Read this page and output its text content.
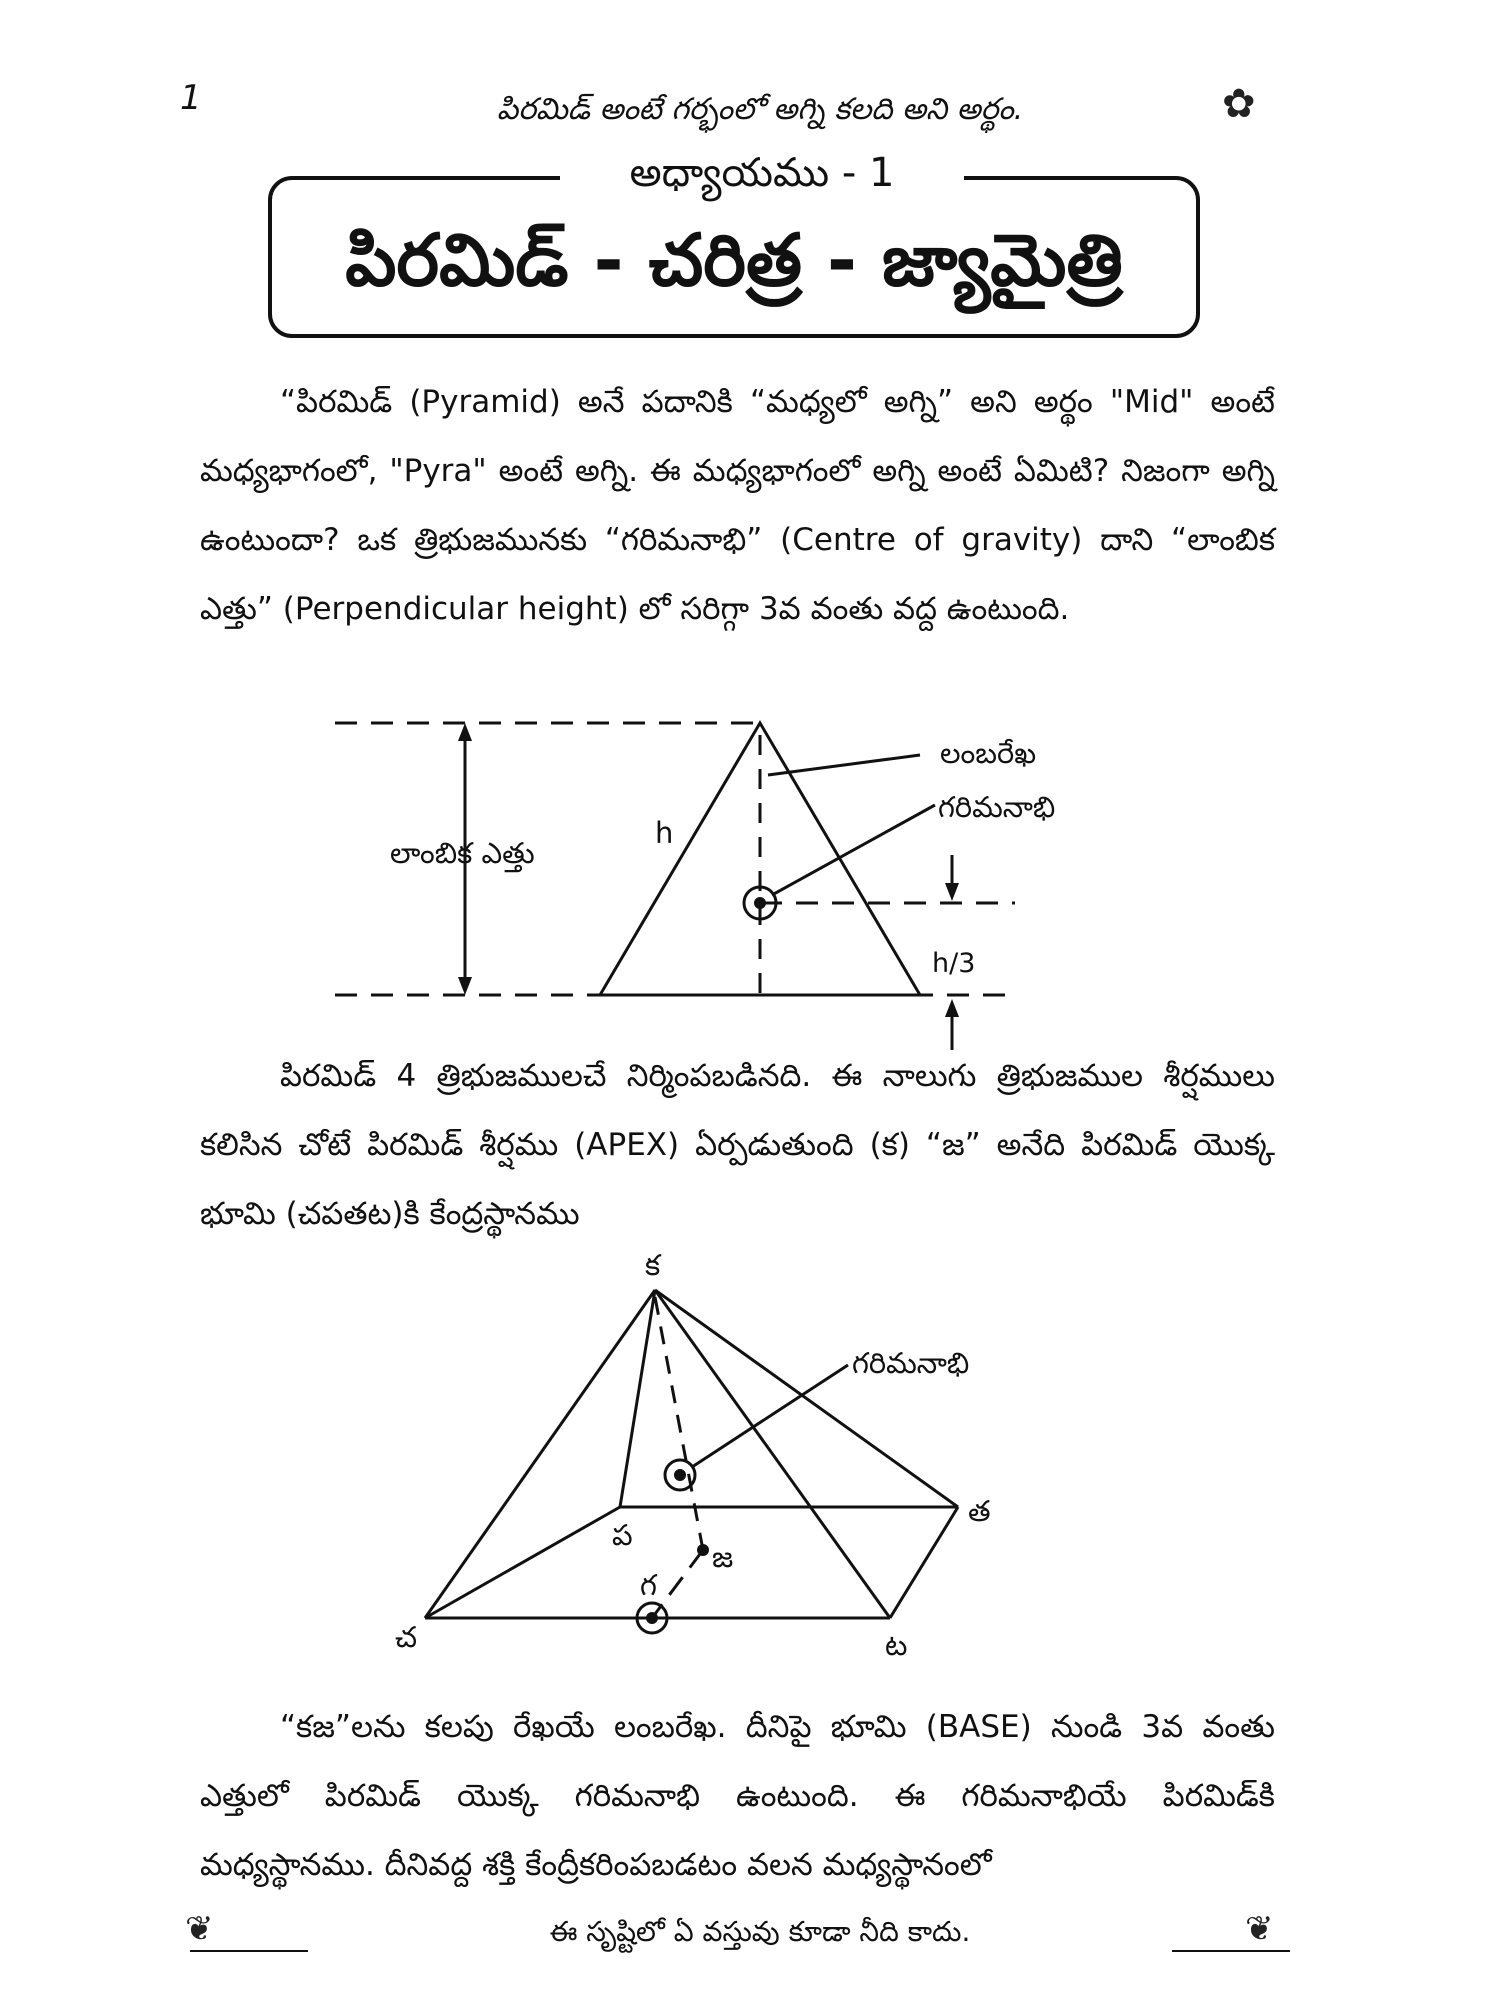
1	పిరమిడ్ అంటే గర్భంలో అగ్ని కలది అని అర్థం.	✿
అధ్యాయము - 1
పిరమిడ్ - చరిత్ర - జ్యామైత్రి
“పిరమిడ్ (Pyramid) అనే పదానికి “మధ్యలో అగ్ని” అని అర్థం "Mid" అంటే మధ్యభాగంలో, "Pyra" అంటే అగ్ని. ఈ మధ్యభాగంలో అగ్ని అంటే ఏమిటి? నిజంగా అగ్ని ఉంటుందా? ఒక త్రిభుజమునకు “గరిమనాభి” (Centre of gravity) దాని “లాంబిక ఎత్తు” (Perpendicular height) లో సరిగ్గా 3వ వంతు వద్ద ఉంటుంది.
లంబరేఖ
గరిమనాభి
h
h/3
లాంబిక ఎత్తు
పిరమిడ్ 4 త్రిభుజములచే నిర్మింపబడినది. ఈ నాలుగు త్రిభుజముల శీర్షములు కలిసిన చోటే పిరమిడ్ శీర్షము (APEX) ఏర్పడుతుంది (క) “జ” అనేది పిరమిడ్ యొక్క భూమి (చపతట)కి కేంద్రస్థానము
క
గరిమనాభి
త
ప
జ
గ
చ	ట
“కజ”లను కలపు రేఖయే లంబరేఖ. దీనిపై భూమి (BASE) నుండి 3వ వంతు ఎత్తులో పిరమిడ్ యొక్క గరిమనాభి ఉంటుంది. ఈ గరిమనాభియే పిరమిడ్‌కి మధ్యస్థానము. దీనివద్ద శక్తి కేంద్రీకరింపబడటం వలన మధ్యస్థానంలో
❦	ఈ సృష్టిలో ఏ వస్తువు కూడా నీది కాదు.	❦
